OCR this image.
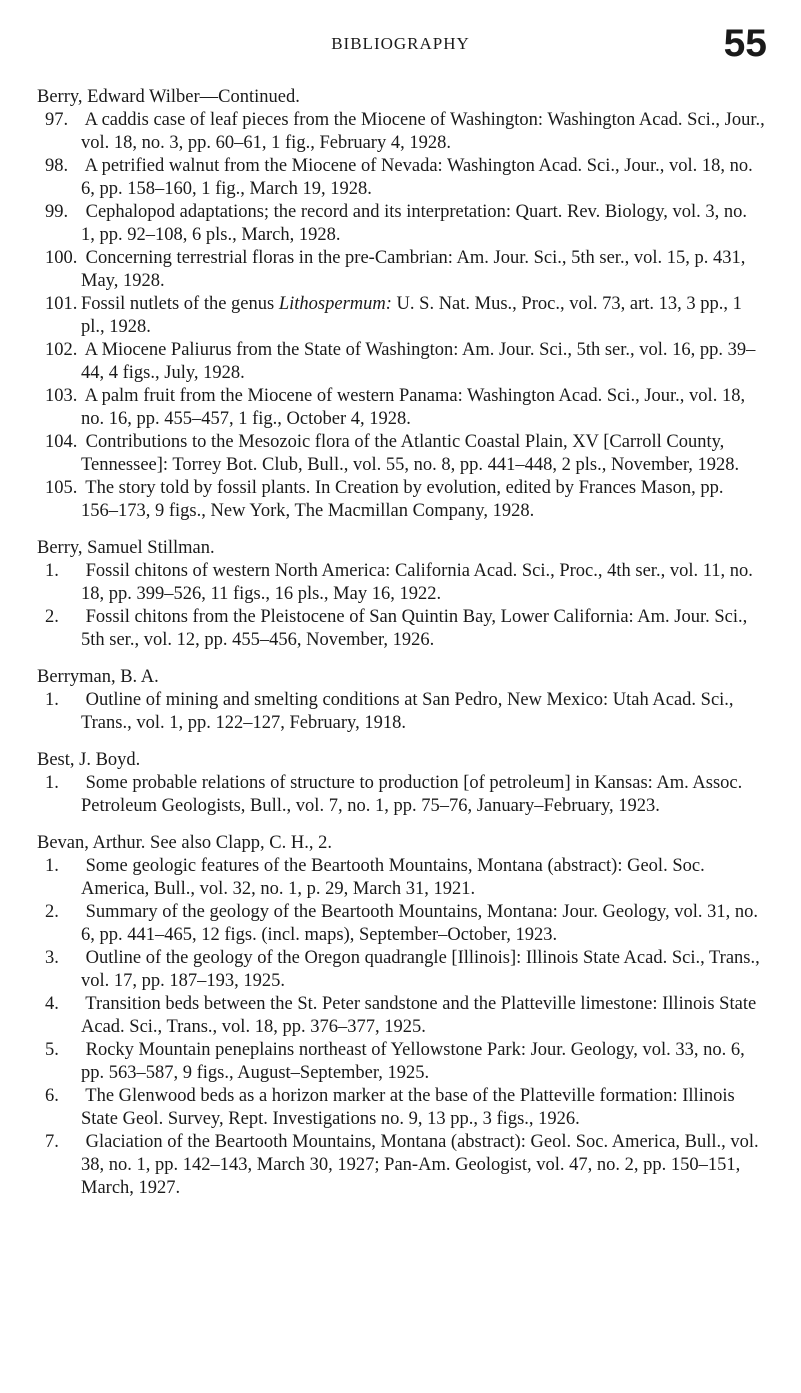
BIBLIOGRAPHY	55

Berry, Edward Wilber—Continued.

97. A caddis case of leaf pieces from the Miocene of Washington: Washington Acad. Sci., Jour., vol. 18, no. 3, pp. 60–61, 1 fig., February 4, 1928.

98. A petrified walnut from the Miocene of Nevada: Washington Acad. Sci., Jour., vol. 18, no. 6, pp. 158–160, 1 fig., March 19, 1928.

99. Cephalopod adaptations; the record and its interpretation: Quart. Rev. Biology, vol. 3, no. 1, pp. 92–108, 6 pls., March, 1928.

100. Concerning terrestrial floras in the pre-Cambrian: Am. Jour. Sci., 5th ser., vol. 15, p. 431, May, 1928.

101. Fossil nutlets of the genus Lithospermum: U. S. Nat. Mus., Proc., vol. 73, art. 13, 3 pp., 1 pl., 1928.

102. A Miocene Paliurus from the State of Washington: Am. Jour. Sci., 5th ser., vol. 16, pp. 39–44, 4 figs., July, 1928.

103. A palm fruit from the Miocene of western Panama: Washington Acad. Sci., Jour., vol. 18, no. 16, pp. 455–457, 1 fig., October 4, 1928.

104. Contributions to the Mesozoic flora of the Atlantic Coastal Plain, XV [Carroll County, Tennessee]: Torrey Bot. Club, Bull., vol. 55, no. 8, pp. 441–448, 2 pls., November, 1928.

105. The story told by fossil plants. In Creation by evolution, edited by Frances Mason, pp. 156–173, 9 figs., New York, The Macmillan Company, 1928.

Berry, Samuel Stillman.

1. Fossil chitons of western North America: California Acad. Sci., Proc., 4th ser., vol. 11, no. 18, pp. 399–526, 11 figs., 16 pls., May 16, 1922.

2. Fossil chitons from the Pleistocene of San Quintin Bay, Lower California: Am. Jour. Sci., 5th ser., vol. 12, pp. 455–456, November, 1926.

Berryman, B. A.

1. Outline of mining and smelting conditions at San Pedro, New Mexico: Utah Acad. Sci., Trans., vol. 1, pp. 122–127, February, 1918.

Best, J. Boyd.

1. Some probable relations of structure to production [of petroleum] in Kansas: Am. Assoc. Petroleum Geologists, Bull., vol. 7, no. 1, pp. 75–76, January–February, 1923.

Bevan, Arthur. See also Clapp, C. H., 2.

1. Some geologic features of the Beartooth Mountains, Montana (abstract): Geol. Soc. America, Bull., vol. 32, no. 1, p. 29, March 31, 1921.

2. Summary of the geology of the Beartooth Mountains, Montana: Jour. Geology, vol. 31, no. 6, pp. 441–465, 12 figs. (incl. maps), September–October, 1923.

3. Outline of the geology of the Oregon quadrangle [Illinois]: Illinois State Acad. Sci., Trans., vol. 17, pp. 187–193, 1925.

4. Transition beds between the St. Peter sandstone and the Platteville limestone: Illinois State Acad. Sci., Trans., vol. 18, pp. 376–377, 1925.

5. Rocky Mountain peneplains northeast of Yellowstone Park: Jour. Geology, vol. 33, no. 6, pp. 563–587, 9 figs., August–September, 1925.

6. The Glenwood beds as a horizon marker at the base of the Platteville formation: Illinois State Geol. Survey, Rept. Investigations no. 9, 13 pp., 3 figs., 1926.

7. Glaciation of the Beartooth Mountains, Montana (abstract): Geol. Soc. America, Bull., vol. 38, no. 1, pp. 142–143, March 30, 1927; Pan-Am. Geologist, vol. 47, no. 2, pp. 150–151, March, 1927.
